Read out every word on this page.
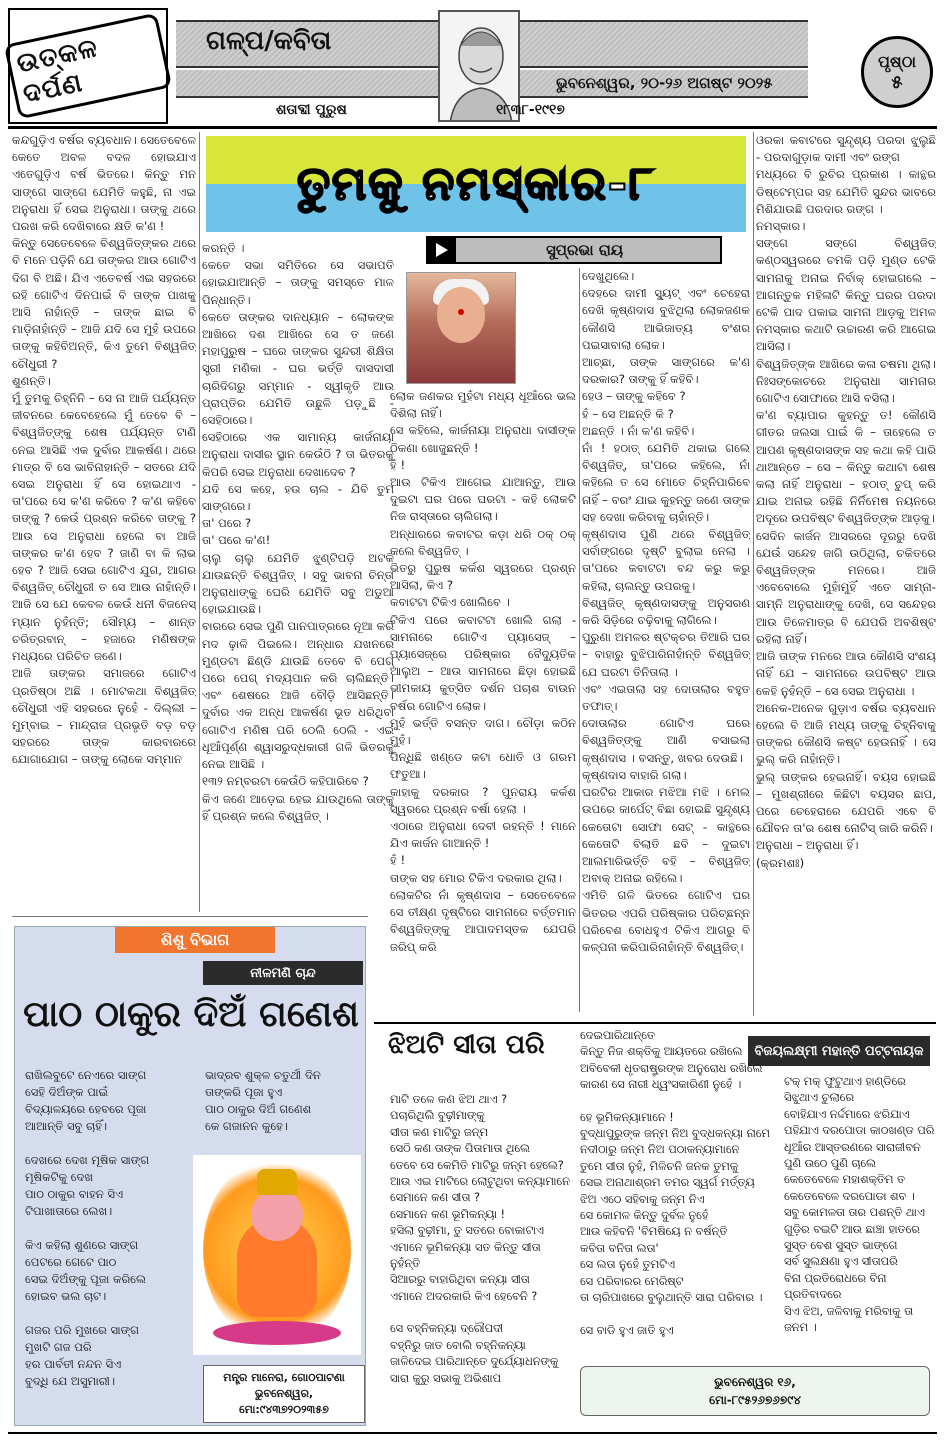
ଉତ୍କଳ ଦର୍ପଣ
ଗଳ୍ପ/କବିତା
ଭୁବନେଶ୍ୱର, ୨୦-୨୬ ଅଗଷ୍ଟ ୨୦୨୫
ଶତାବ୍ଦୀ ପୁରୁଷ	୧୮୩୮-୧୯୧୭
ପୃଷ୍ଠା
୫
ତୁମକୁ ନମସ୍କାର-୮
ସୁପ୍ରଭା ରାୟ

କନ୍ଦଗୁଡ଼ିଏ ବର୍ଷର ବ୍ୟବଧାନ। ସେତେବେଳେ କେତେ ଅବଳ ବଦଳ ହୋଇଯାଏ ଏତେଗୁଡ଼ିଏ ବର୍ଷ ଭିତରେ। କିନ୍ତୁ ମନ ସାଙ୍ଗେ ସାଙ୍ଗେ ଯେମିତି କହୁଛି, ନା ଏଇ ଅନୁରାଧା ହିଁ ସେଇ ଅନୁରାଧା। ତାଙ୍କୁ ଥରେ ପରଖ କରି ଦେଖିବାରେ କ୍ଷତି କ'ଣ !

କିନ୍ତୁ ସେତେବେଳେ ବିଶ୍ୱଜିତ୍‌ଙ୍କର ଥରେ ବି ମନେ ପଡ଼ିନି ଯେ ତାଙ୍କର ଆଉ ଗୋଟିଏ ଦିଗ ବି ଅଛି। ଯିଏ ଏତେବର୍ଷ ଏଇ ସହରରେ ରହି ଗୋଟିଏ ଦିନପାଇଁ ବି ତାଙ୍କ ପାଖକୁ ଆସି ନାହାଁନ୍ତି – ତାଙ୍କ ଛାଇ ବି ମାଡ଼ିନାହାଁନ୍ତି – ଆଜି ଯଦି ସେ ମୁହଁ ଉପରେ ତାଙ୍କୁ କହିବିଅନ୍ତି, କିଏ ତୁମେ ବିଶ୍ୱଜିତ୍ ଚୌଧୁରୀ ?

ଶୁଣନ୍ତି।

ମୁଁ ତୁମକୁ ଚିହ୍ନିନି – ସେ ନା ଆଜି ପର୍ଯ୍ୟନ୍ତ ଜୀବନରେ କେବେହେଲେ ମୁଁ ତେବେ ବି – ବିଶ୍ୱଜିତ୍‌ଙ୍କୁ ଶେଷ ପର୍ଯ୍ୟନ୍ତ ଟାଣି ନେଇ ଆସିଛି ଏକ ଦୁର୍ବାର ଆକର୍ଷଣ। ଥରେ ମାତ୍ର ବି ସେ ଭାବିନାହାନ୍ତି – ସତରେ ଯଦି ସେଇ ଅନୁରାଧା ହିଁ ସେ ହୋଇଥାଏ - ତା'ପରେ ସେ କ'ଣ କରିବେ ? କ'ଣ କହିବେ ତାଙ୍କୁ ? କେଉଁ ପ୍ରଶ୍ନ କରିବେ ତାଙ୍କୁ ? ଆଉ ସେ ଅନୁରାଧା ହେଲେ ବା ଆଜି ତାଙ୍କର କ'ଣ ହେବ ? ଜାଣି ବା କି ଲାଭ ହେବ ? ଆଜି ସେଇ ଗୋଟିଏ ଯୁଗ, ଆଗର ବିଶ୍ୱଜିତ୍ ଚୌଧୁରୀ ତ ସେ ଆଉ ନାହାଁନ୍ତି। ଆଜି ସେ ଯେ କେବଳ କେଉଁ ଧନୀ ବିଜନେସ୍ ମ୍ୟାନ ନୁହଁନ୍ତି; ସୌମ୍ୟ – ଶାନ୍ତ ଚରିତ୍ରବାନ୍ – ହଜାରେ ମଣିଷଙ୍କ ମଧ୍ୟରେ ପରିଚିତ ଜଣେ।

ଆଜି ତାଙ୍କର ସମାଜରେ ଗୋଟିଏ ପ୍ରତିଷ୍ଠା ଅଛି । ମୋଟକଥା ବିଶ୍ୱଜିତ୍ ଚୌଧୁରୀ ଏହି ସହରରେ ନୁହେଁ - ଦିଲ୍ଲୀ – ମୁମ୍ବାଇ – ମାନ୍ଦ୍ରାଜ ପ୍ରଭୃତି ବଡ଼ ବଡ଼ ସହରରେ ତାଙ୍କ କାରବାରରେ ଯୋଗାଯୋଗ – ତାଙ୍କୁ ଲୋକେ ସମ୍ମାନ

କରନ୍ତି ।

କେତେ ସଭା ସମିତିରେ ସେ ସଭାପତି ହୋଇଯାଆନ୍ତି – ତାଙ୍କୁ ସମସ୍ତେ ମାଳ ପିନ୍ଧାନ୍ତି।

କେତେ ତାଙ୍କର ଦାନଧ୍ୟାନ – ଲୋକଙ୍କ ଆଖିରେ ଦଶ ଆଖିରେ ସେ ତ ଜଣେ ମହାପୁରୁଷ – ଘରେ ତାଙ୍କର ସୁନ୍ଦରୀ ଶିକ୍ଷିତା ସ୍ତ୍ରୀ ମଣିକା - ଘର ଭର୍ତ୍ତି ଦାସଦାସୀ ଚାରିଦିଗରୁ ସମ୍ମାନ - ସ୍ୱୀକୃତି ଆଉ ପ୍ରାପ୍ତିର ଯେମିତି ଉଛୁଳି ପଡ଼ୁଛି - ସେହିଠାରେ।

ସେହିଠାରେ ଏକ ସାମାନ୍ୟ କାର୍ଜନାୟା ଅନୁରାଧା ଦାସୀର ସ୍ଥାନ କେଉଁଠି ? ତା ଭିତରକୁ କିପରି ସେଇ ଅନୁରାଧା ଦେଖାଦେବ ?

ଯଦି ସେ କହେ, ହଉ ଚାଲ - ଯିବି ତୁମ ସାଙ୍ଗରେ।

ତା' ପରେ ?

ତା' ପରେ କ'ଣ!

ଚାଲୁ ଚାଲୁ ଯେମିତି ଝୁଣ୍ଟିପଡ଼ି ଅଟକି ଯାଉଛନ୍ତି ବିଶ୍ୱଜିତ୍ । ସବୁ ଭାବନା ଚିନ୍ତା ଅନୁରାଧାଙ୍କୁ ଘେରି ଯେମିତି ସବୁ ଅଡୁଆ ହୋଇଯାଉଛି।

ବାରରେ ସେଇ ପୁଣି ପାନପାତ୍ରରେ ନୂଆ କରି ମଦ ଢ଼ାଳି ପିଇଲେ। ଅନ୍ଧାର ଯଖନରେ ମୁଣ୍ଡଟା ଛିଣ୍ଡି ଯାଉଛି ତେବେ ବି ପେଗ୍ ପରେ ପେଗ୍ ମଦ୍ୟପାନ କରି ଚାଲିଛନ୍ତି। ଏବଂ ଶେଷରେ ଆଜି ବୌଡ଼ି ଆସିଛନ୍ତି। ଦୁର୍ବାର ଏକ ଅନ୍ଧ ଆକର୍ଷଣ ଭୂତ ଧରିଥିବା ଗୋଟିଏ ମଣିଷ ପରି ଠେଲି ଠେଲି - ଏଇ ଧୂଆଁପୂର୍ଣ୍ଣ ଶ୍ୱାସରୁଦ୍ଧକାରୀ ଗଳି ଭିତରକୁ ନେଇ ଆସିଛି ।

୧୩୨ ନମ୍ବରଟା କେଉଁଠି କହିପାରିବେ ?

କିଏ ଜଣେ ଆଡ଼େଇ ହେଇ ଯାଉଥିଲେ ତାଙ୍କୁ ହିଁ ପ୍ରଶ୍ନ କଲେ ବିଶ୍ୱଜିତ୍ ।

ଲୋକ ଜଣକର ମୁହଁଟା ମଧ୍ୟ ଧୂଆଁରେ ଭଲ ଦିଶିଲା ନାହିଁ।

ସେ କହିଲେ, କାର୍ଜନାୟା ଅନୁରାଧା ଦାସୀଙ୍କ ଠିକଣା ଖୋଜୁଛନ୍ତି !

ହଁ !

ଆଉ ଟିକିଏ ଆଗେଇ ଯାଆନ୍ତୁ, ଆଉ ଦୁଇଟା ଘର ପରେ ଘରଟା - କହି ଲୋକଟି ନିଜ ରାସ୍ତାରେ ଚାଲିଗଲା।

ଅନ୍ଧାରରେ କବାଟର କଡ଼ା ଧରି ଠକ୍ ଠକ୍ କଲେ ବିଶ୍ୱଜିତ୍ ।

ଭିତରୁ ପୁରୁଷ କର୍କଶ ସ୍ୱରରେ ପ୍ରଶ୍ନ ଆସିଲା, କିଏ ?

କବାଟଟା ଟିକିଏ ଖୋଲିବେ ।

ଟିକିଏ ପରେ କବାଟଟା ଖୋଲି ଗଲା - ସାମନାରେ ଗୋଟିଏ ପ୍ୟାସେଜ୍ – ପ୍ୟାସେଜ୍‌ରେ ପରିଷ୍କାର ବୈଦ୍ୟୁତିକ ଆଲୁଅ – ଆଉ ସାମନାରେ ଛିଡ଼ା ହୋଇଛି ଭୀମକାୟ କୁତ୍ସିତ ଦର୍ଶନ ପଚାଶ ବାଉନ ବର୍ଷର ଗୋଟିଏ ଲୋକ।

ମୁହଁ ଭର୍ତ୍ତି ବସନ୍ତ ଦାଗ। ଚୌଡ଼ା କଠିନ ମୁହଁ।

ପିନ୍ଧିଛି ଖଣ୍ଡେ କଟା ଧୋତି ଓ ଗରମ ଫତୁଆ।

କାହାକୁ ଦରକାର ? ପୁନରାୟ କର୍କଶ ସ୍ୱରରେ ପ୍ରଶ୍ନ ବର୍ଷା ହେଲା ।

ଏଠାରେ ଅନୁରାଧା ଦେବୀ ରହନ୍ତି ! ମାନେ ଯିଏ କାର୍ଜନ ଗାଆନ୍ତି !

ହଁ !

ତାଙ୍କ ସହ ମୋର ଟିକିଏ ଦରକାର ଥିଲା।

ଲୋକଟିର ନାଁ କୃଷ୍ଣଦାସ – ସେତେବେଳେ ସେ ତୀକ୍ଷ୍ଣ ଦୃଷ୍ଟିରେ ସାମନାରେ ବର୍ତ୍ତମାନ ବିଶ୍ୱଜିତ୍‌ଙ୍କୁ ଆପାଦମସ୍ତକ ଯେପରି ଜରିପ୍ କରି

ଦେଖୁଥିଲେ।

ଦେହରେ ଦାମୀ ସ୍ୟୁଟ୍ ଏବଂ ଚେହେରା ଦେଖି କୃଷ୍ଣଦାସ ବୁଝିଥିଲା ଲୋକଜଣକ କୌଣସି ଆଭିଜାତ୍ୟ ବଂଶର ପଇସାବାଲା ଲୋକ।

ଆଚ୍ଛା, ତାଙ୍କ ସାଙ୍ଗରେ କ'ଣ ଦରକାର? ତାଙ୍କୁ ହିଁ କହିବି।

ହେଓ – ତାଙ୍କୁ କହିବେ ?

ହଁ – ସେ ଅଛନ୍ତି କି ?

ଅଛନ୍ତି । ନାଁ କ'ଣ କହିବି।

ନାଁ ! ହଠାତ୍ ଯେମିତି ଥକାଇ ଗଲେ ବିଶ୍ୱଜିତ୍, ତା'ପରେ କହିଲେ, ନାଁ କହିଲେ ତ ସେ ମୋତେ ଚିହ୍ନିପାରିବେ ନାହିଁ – ବରଂ ଯାଇ କୁହନ୍ତୁ ଜଣେ ତାଙ୍କ ସହ ଦେଖା କରିବାକୁ ଚାହାଁନ୍ତି।

କୃଷ୍ଣଦାସ ପୁଣି ଥରେ ବିଶ୍ୱଜିତ୍ ସର୍ବାଙ୍ଗରେ ଦୃଷ୍ଟି ବୁଲାଇ ନେଲା । ତା'ପରେ କବାଟଟା ବନ୍ଦ କରୁ କରୁ କହିଲା, ଚାଲନ୍ତୁ ଉପରକୁ।

ବିଶ୍ୱଜିତ୍ କୃଷ୍ଣଦାସଙ୍କୁ ଅନୁସରଣ କରି ସିଡ଼ିରେ ଚଢ଼ିବାକୁ ଲାଗିଲେ।

ପୁରୁଣା ଅମଳର ଷ୍ଟକ୍‌ଚର ତିଆରି ଘର – ବାହାରୁ ବୁଝିପାରିନାହାଁନ୍ତି ବିଶ୍ୱଜିତ୍ ଯେ ଘରଟା ତିନିତାଲା ।

ଏବଂ ଏଇତାଲା ସହ ଦୋତାଲାର ବହୁତ ତଫାତ୍।

ଦୋତାଲାର ଗୋଟିଏ ଘରେ ବିଶ୍ୱଜିତ୍‌ଙ୍କୁ ଆଣି ବସାଇଲା କୃଷ୍ଣଦାସ । ବସନ୍ତୁ, ଖବର ଦେଉଛି।

କୃଷ୍ଣଦାସ ବାହାରି ଗଲା।

ଘରଟିର ଆକାର ମଝିଆ ମଝି । ମେଲ ଉପରେ କାର୍ପେଟ୍ ବିଛା ହୋଇଛି ସୁନ୍ଦୃଶ୍ୟ କେତୋଟା ସୋଫା ସେଟ୍ - କାନ୍ଥରେ କେତୋଟି ବିଲାତି ଛବି – ଦୁଇଟା ଆଲମାରିଭର୍ତ୍ତି ବହି – ବିଶ୍ୱଜିତ୍ ଅବାକ୍ ଅନାଇ ରହିଲେ।

ଏମିତି ଗଳି ଭିତରେ ଗୋଟିଏ ଘର ଭିତରର ଏପରି ପରିଷ୍କାର ପରିଚ୍ଛନ୍ନ ପରିବେଶ ବୋଧହୁଏ ଟିକିଏ ଆଗରୁ ବି କଳ୍ପନା କରିପାରିନାହାଁନ୍ତି ବିଶ୍ୱଜିତ୍।

ଓରକା କବାଟରେ ସୁନ୍ଦୃଶ୍ୟ ପରଦା ଝୁଲୁଛି - ପରଦାଗୁଡ଼ାକ ଦାମୀ ଏବଂ ରଙ୍ଗ

ମଧ୍ୟରେ ବି ରୁଚିର ପ୍ରକାଶ । କାନ୍ଥର ଡିଷ୍ଟେମ୍ପର ସହ ଯେମିତି ସୁନ୍ଦର ଭାବରେ ମିଶିଯାଉଛି ପରଦାର ରଙ୍ଗ ।

ନମସ୍କାର।

ସଙ୍ଗେ ସଙ୍ଗେ ବିଶ୍ୱଜିତ୍ କଣ୍ଠସ୍ୱରରେ ଚମକି ପଡ଼ି ମୁଣ୍ଡ ଟେକି ସାମନାକୁ ଅନାଇ ନିର୍ବାକ୍ ହୋଇଗଲେ – ଆଗନ୍ତୁକ ମହିଳାଟି କିନ୍ତୁ ଘରର ପରଦା ଟେକି ପାଦ ପକାଇ ସାମନା ଆଡ଼କୁ ଅମଳ ନମସ୍କାର କଥାଟି ଉଚ୍ଚାରଣ କରି ଆଗେଇ ଆସିଲା।

ବିଶ୍ୱଜିତ୍‌ଙ୍କ ଆଖିରେ କଳା ଚଷମା ଥିଲା। ନିଃସଙ୍କୋଚରେ ଅନୁରାଧା ସାମନାର ଗୋଟିଏ ସୋଫାରେ ଆସି ବସିଲା।

କ'ଣ ବ୍ୟାପାର କୁହନ୍ତୁ ତ! କୌଣସି ଗୀତର ଜଲସା ପାଇଁ କି – ତାହେଲେ ତ ଆପଣ କୃଷ୍ଣଦାସଙ୍କ ସହ କଥା କହି ପାରି ଥାଆନ୍ତେ – ସେ – କିନ୍ତୁ କଥାଟା ଶେଷ କଲା ନାହିଁ ଅନୁରାଧା – ହଠାତ୍ ଚୁପ୍ କରି ଯାଇ ଅନାଇ ରହିଛି ନିର୍ନିମେଷ ନୟନରେ ଅଦୂରେ ଉପବିଷ୍ଟ ବିଶ୍ୱଜିତ୍‌ଙ୍କ ଆଡ଼କୁ।

ସେଦିନ କାର୍ଜନ ଆସରରେ ଦୂରରୁ ଦେଖି ଯେଉଁ ସନ୍ଦେହ ଜାଗି ଉଠିଥିଲା, ଚକିତରେ ବିଶ୍ୱଜିତ୍‌ଙ୍କ ମନରେ। ଆଜି ଏବେବୋଲେ ମୁହାଁମୁହିଁ ଏତେ ସାମ୍‌ନା-ସାମ୍‌ନି ଅନୁରାଧାଙ୍କୁ ଦେଖି, ସେ ସନ୍ଦେହର ଆଉ ତିଳେମାତ୍ର ବି ଯେପରି ଅବଶିଷ୍ଟ ରହିଲା ନାହିଁ।

ଆଜି ତାଙ୍କ ମନରେ ଆଉ କୌଣସି ସଂଶୟ ନାହିଁ ଯେ – ସାମନାରେ ଉପବିଷ୍ଟ ଆଉ କେହି ନୁହଁନ୍ତି – ସେ ସେଇ ଅନୁରାଧା ।

ଅନେକ-ଅନେକ ଗୁଡ଼ାଏ ବର୍ଷର ବ୍ୟବଧାନ ହେଲେ ବି ଆଜି ମଧ୍ୟ ତାଙ୍କୁ ଚିହ୍ନିବାକୁ ତାଙ୍କର କୌଣସି କଷ୍ଟ ହେଉନାହିଁ । ସେ ଭୁଲ୍ କରି ନାହାଁନ୍ତି।

ଭୁଲ୍ ତାଙ୍କର ହେଇନାହିଁ। ବୟସ ହୋଇଛି – ମୁଖଶ୍ରୀରେ କିଛିଟା ବୟସର ଛାପ, ପରେ ଚେହେରାରେ ଯେପରି ଏବେ ବି ଯୌବନ ତା'ର ଶେଷ ନୋଟିସ୍ ଜାରି କରିନି।

ଅନୁରାଧା – ଅନୁରାଧା ହିଁ।

(କ୍ରମଶଃ)

ଶିଶୁ ବିଭାଗ
ନୀଳମଣି ଚାନ୍ଦ
ପାଠ ଠାକୁର ଦିଅଁ ଗଣେଶ
ରାଖିଲବୁଟେ ନେଏରେ ସାଙ୍ଗ
ସେହି ଦିଅଁଙ୍କ ପାଇଁ
ବିଦ୍ୟାଳୟରେ ହେବରେ ପୂଜା
ଆଆନ୍ତି ସବୁ ଚାହିଁ।
ଦେଖରେ ଦେଖ ମୂଷିକ ସାଙ୍ଗ
ମୂଷିକଟିକୁ ଦେଖ
ପାଠ ଠାକୁର ବାହନ ସିଏ
ଟିପାଖାତାରେ ଲେଖ।
କିଏ କହିଲା ଶୁଣରେ ସାଙ୍ଗ
ପେଟରେ ଗେଟେ ପାଠ
ସେଇ ଦିଅଁଙ୍କୁ ପୂଜା କରିଲେ
ହୋଇବ ଭଲ ଚାଟ।
ଗଜର ପରି ମୁଖରେ ସାଙ୍ଗ
ମୁଖଟି ଗଜ ପରି
ହର ପାର୍ବତୀ ନନ୍ଦନ ସିଏ
ବୁଦ୍ଧି ଯେ ଅସୁମାରୀ।
ଭାଦ୍ରବ ଶୁକ୍ଳ ଚତୁର୍ଥୀ ଦିନ
ତାଙ୍କରି ପୂଜା ହୁଏ
ପାଠ ଠାକୁର ଦିଅଁ ଗଣେଶ
କେ ଗଜାନନ କୁହେ।
ମନ୍ତ୍ର ମାନେରା, ଗୋଠପାଟଣା
ଭୁବନେଶ୍ୱର,
ମୋ:୯୪୩୭୨୦୨୩୫୭
ଝିଅଟି ସୀତା ପରି	ବିଜୟଲକ୍ଷ୍ମୀ ମହାନ୍ତି ପଟ୍ଟନାୟକ
ମାଟି ତଳେ କଣ ଝିଅ ଥାଏ ?
ପଚାରିଥିଲି ବୁଢ଼ୀମାଙ୍କୁ
ସୀତା କଣ ମାଟିରୁ ଜନ୍ମ
ସେଠି କଣ ତାଙ୍କ ପିତାମାତା ଥିଲେ
ତେବେ ସେ କେମିତି ମାଟିରୁ ଜନ୍ମ ହେଲେ?
ଆଉ ଏଇ ମାଟିରେ ଲୋଟୁଥିବା କନ୍ୟାମାନେ
ସେମାନେ କଣ ସୀତା ?
ସେମାନେ କଣ ଭୂମିକନ୍ୟା !
ହସିଲା ବୁଢ଼ୀମା, ତୁ ସତରେ ବୋକାଟାଏ
ଏମାନେ ଭୂମିକନ୍ୟା ସତ କିନ୍ତୁ ସୀତା ନୁହଁନ୍ତି
ସିଆରରୁ ବାହାରିଥିବା କନ୍ୟା ସୀତା
ଏମାନେ ଅଦରକାରି କିଏ ହେବେନି ?
ସେ ବହ୍ନିକନ୍ୟା ଦ୍ରୌପଦୀ
ବହ୍ନିରୁ ଜାତ ବୋଲି ବହ୍ନିକନ୍ୟା
ଜାଳିଦେଇ ପାରିଥାନ୍ତେ ଦୁର୍ଯ୍ୟୋଧନଙ୍କୁ
ସାରା କୁରୁ ସଭାକୁ ଅଭିଶାପ
ଦେଇପାରିଥାନ୍ତେ
କିନ୍ତୁ ନିଜ ଶକ୍ତିକୁ ଆୟତରେ ରଖିଲେ
ଅବିବେକୀ ଧୃତରାଷ୍ଟ୍ରଙ୍କ ଅନୁରୋଧ ରଖିଲେ
କାରଣ ସେ ନାରୀ ଧ୍ୱଂସକାରିଣୀ ନୁହେଁ ।
ହେ ଭୂମିକନ୍ୟାମାନେ !
ବୁଦ୍ଧାପୁରୁଙ୍କ ଜନ୍ମ ନିଅ ବୁଦ୍ଧକନ୍ୟା ନାମେ
ନଦୀଠାରୁ ଜନ୍ମ ନିଅ ପଠାକନ୍ୟାମାନେ
ତୁମେ ସୀତା ନୁହଁ, ମିଳିଚନି ଜନକ ତୁମକୁ
ସେଇ ଅନାଥାଶ୍ରମ ତମର ସ୍ୱର୍ଗ ମର୍ତ୍ତ୍ୟ
ଝିଅ ଏଠେ ସହିବାକୁ ଜନ୍ମ ନିଏ
ସେ କୋମଳ କିନ୍ତୁ ଦୁର୍ବଳ ନୁହେଁ
ଆଉ କହିବନି 'ବିମଷିୟେ ନ ବର୍ଷନ୍ତି
କବିତା ବନିତା ଲତା'
ସେ ଲତା ନୁହେଁ ତୁମଟିଏ
ସେ ପରିବାରର ମେରିଷ୍ଟ
ତା ଚାରିପାଖରେ ବୁଲୁଥାନ୍ତି ସାରା ପରିବାର ।
ସେ ବାଡି ହୁଏ ଜାତି ହୁଏ
ଟକ୍ ମକ୍ ଫୁଟୁଥାଏ ହାଣ୍ଡିରେ
ସିଝୁଥାଏ ଚୁଲାରେ
ବୋହିଯାଏ ନର୍ଦ୍ଦମାରେ ଝରିଯାଏ
ପହିଯାଏ ଦରପୋଡା କାଠଖଣ୍ଡ ପରି
ଧୂଆଁର ଆସ୍ତରଣରେ ସାରାଜୀବନ
ପୁଣି ଉଠେ ପୁଣି ଚାଲେ
କେତେବେଳେ ମହାଶକ୍ତିମ ତ
କେତେବେଳେ ଦରପୋଡା ଶବ ।
ସବୁ କୋମଳତା ତାର ପଶନ୍ତି ଥାଏ
ଗୁଡ଼ିର ବଇଟି ଆଉ ଛାଞ୍ଚା ହାତରେ
ସୁସ୍ତ ବେଶ ସୁସ୍ତ ଭାଙ୍ଗେ
ସର୍ବ ସୁଲକ୍ଷଣା ହୁଏ ସୀତାପରି
ବିନା ପ୍ରତିରୋଧରେ ବିନା ପ୍ରତିବାଦରେ
ସିଏ ଝିଅ, ଜଳିବାକୁ ମରିବାକୁ ତା ଜନମ ।
ଭୁବନେଶ୍ୱର ୧୬,
ମୋ-୮୯୫୨୬୭୬୭୯୪
